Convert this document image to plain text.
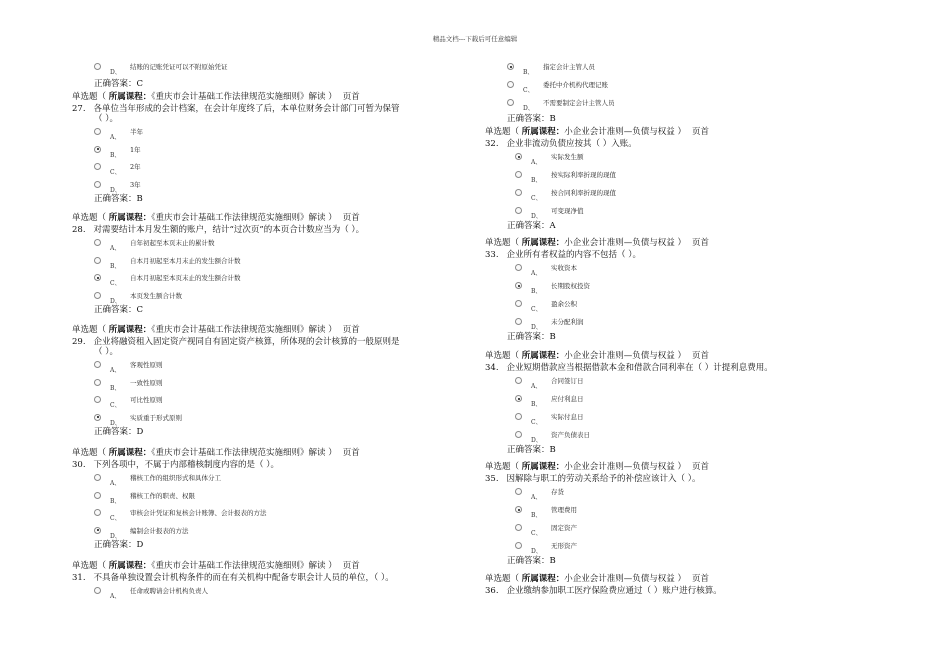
精品文档---下载后可任意编辑
D、
结账的记账凭证可以不附原始凭证
正确答案：C
单选题（ 所属课程：《重庆市会计基础工作法律规范实施细则》解读 ） 页首
27. 各单位当年形成的会计档案，在会计年度终了后，本单位财务会计部门可暂为保管
（ ）。
A、
半年
B、
1年
C、
2年
D、
3年
正确答案：B
单选题（ 所属课程：《重庆市会计基础工作法律规范实施细则》解读 ） 页首
28. 对需要结计本月发生额的账户，结计“过次页”的本页合计数应当为（ ）。
A、
自年初起至本页末止的累计数
B、
自本月初起至本月末止的发生额合计数
C、
自本月初起至本页末止的发生额合计数
D、
本页发生额合计数
正确答案：C
单选题（ 所属课程：《重庆市会计基础工作法律规范实施细则》解读 ） 页首
29. 企业将融资租入固定资产视同自有固定资产核算，所体现的会计核算的一般原则是
（ ）。
A、
客观性原则
B、
一致性原则
C、
可比性原则
D、
实质重于形式原则
正确答案：D
单选题（ 所属课程：《重庆市会计基础工作法律规范实施细则》解读 ） 页首
30. 下列各项中，不属于内部稽核制度内容的是（ ）。
A、
稽核工作的组织形式和具体分工
B、
稽核工作的职责、权限
C、
审核会计凭证和复核会计账簿、会计报表的方法
D、
编制会计报表的方法
正确答案：D
单选题（ 所属课程：《重庆市会计基础工作法律规范实施细则》解读 ） 页首
31. 不具备单独设置会计机构条件的而在有关机构中配备专职会计人员的单位，（ ）。
A、
任命或聘请会计机构负责人
B、
指定会计主管人员
C、
委托中介机构代理记账
D、
不需要制定会计主管人员
正确答案：B
单选题（ 所属课程：小企业会计准则—负债与权益 ） 页首
32. 企业非流动负债应按其（ ）入账。
A、
实际发生额
B、
按实际利率折现的现值
C、
按合同利率折现的现值
D、
可变现净值
正确答案：A
单选题（ 所属课程：小企业会计准则—负债与权益 ） 页首
33. 企业所有者权益的内容不包括（ ）。
A、
实收资本
B、
长期股权投资
C、
盈余公积
D、
未分配利润
正确答案：B
单选题（ 所属课程：小企业会计准则—负债与权益 ） 页首
34. 企业短期借款应当根据借款本金和借款合同利率在（ ）计提利息费用。
A、
合同签订日
B、
应付利息日
C、
实际付息日
D、
资产负债表日
正确答案：B
单选题（ 所属课程：小企业会计准则—负债与权益 ） 页首
35. 因解除与职工的劳动关系给予的补偿应该计入（ ）。
A、
存货
B、
管理费用
C、
固定资产
D、
无形资产
正确答案：B
单选题（ 所属课程：小企业会计准则—负债与权益 ） 页首
36. 企业缴纳参加职工医疗保险费应通过（ ）账户进行核算。
